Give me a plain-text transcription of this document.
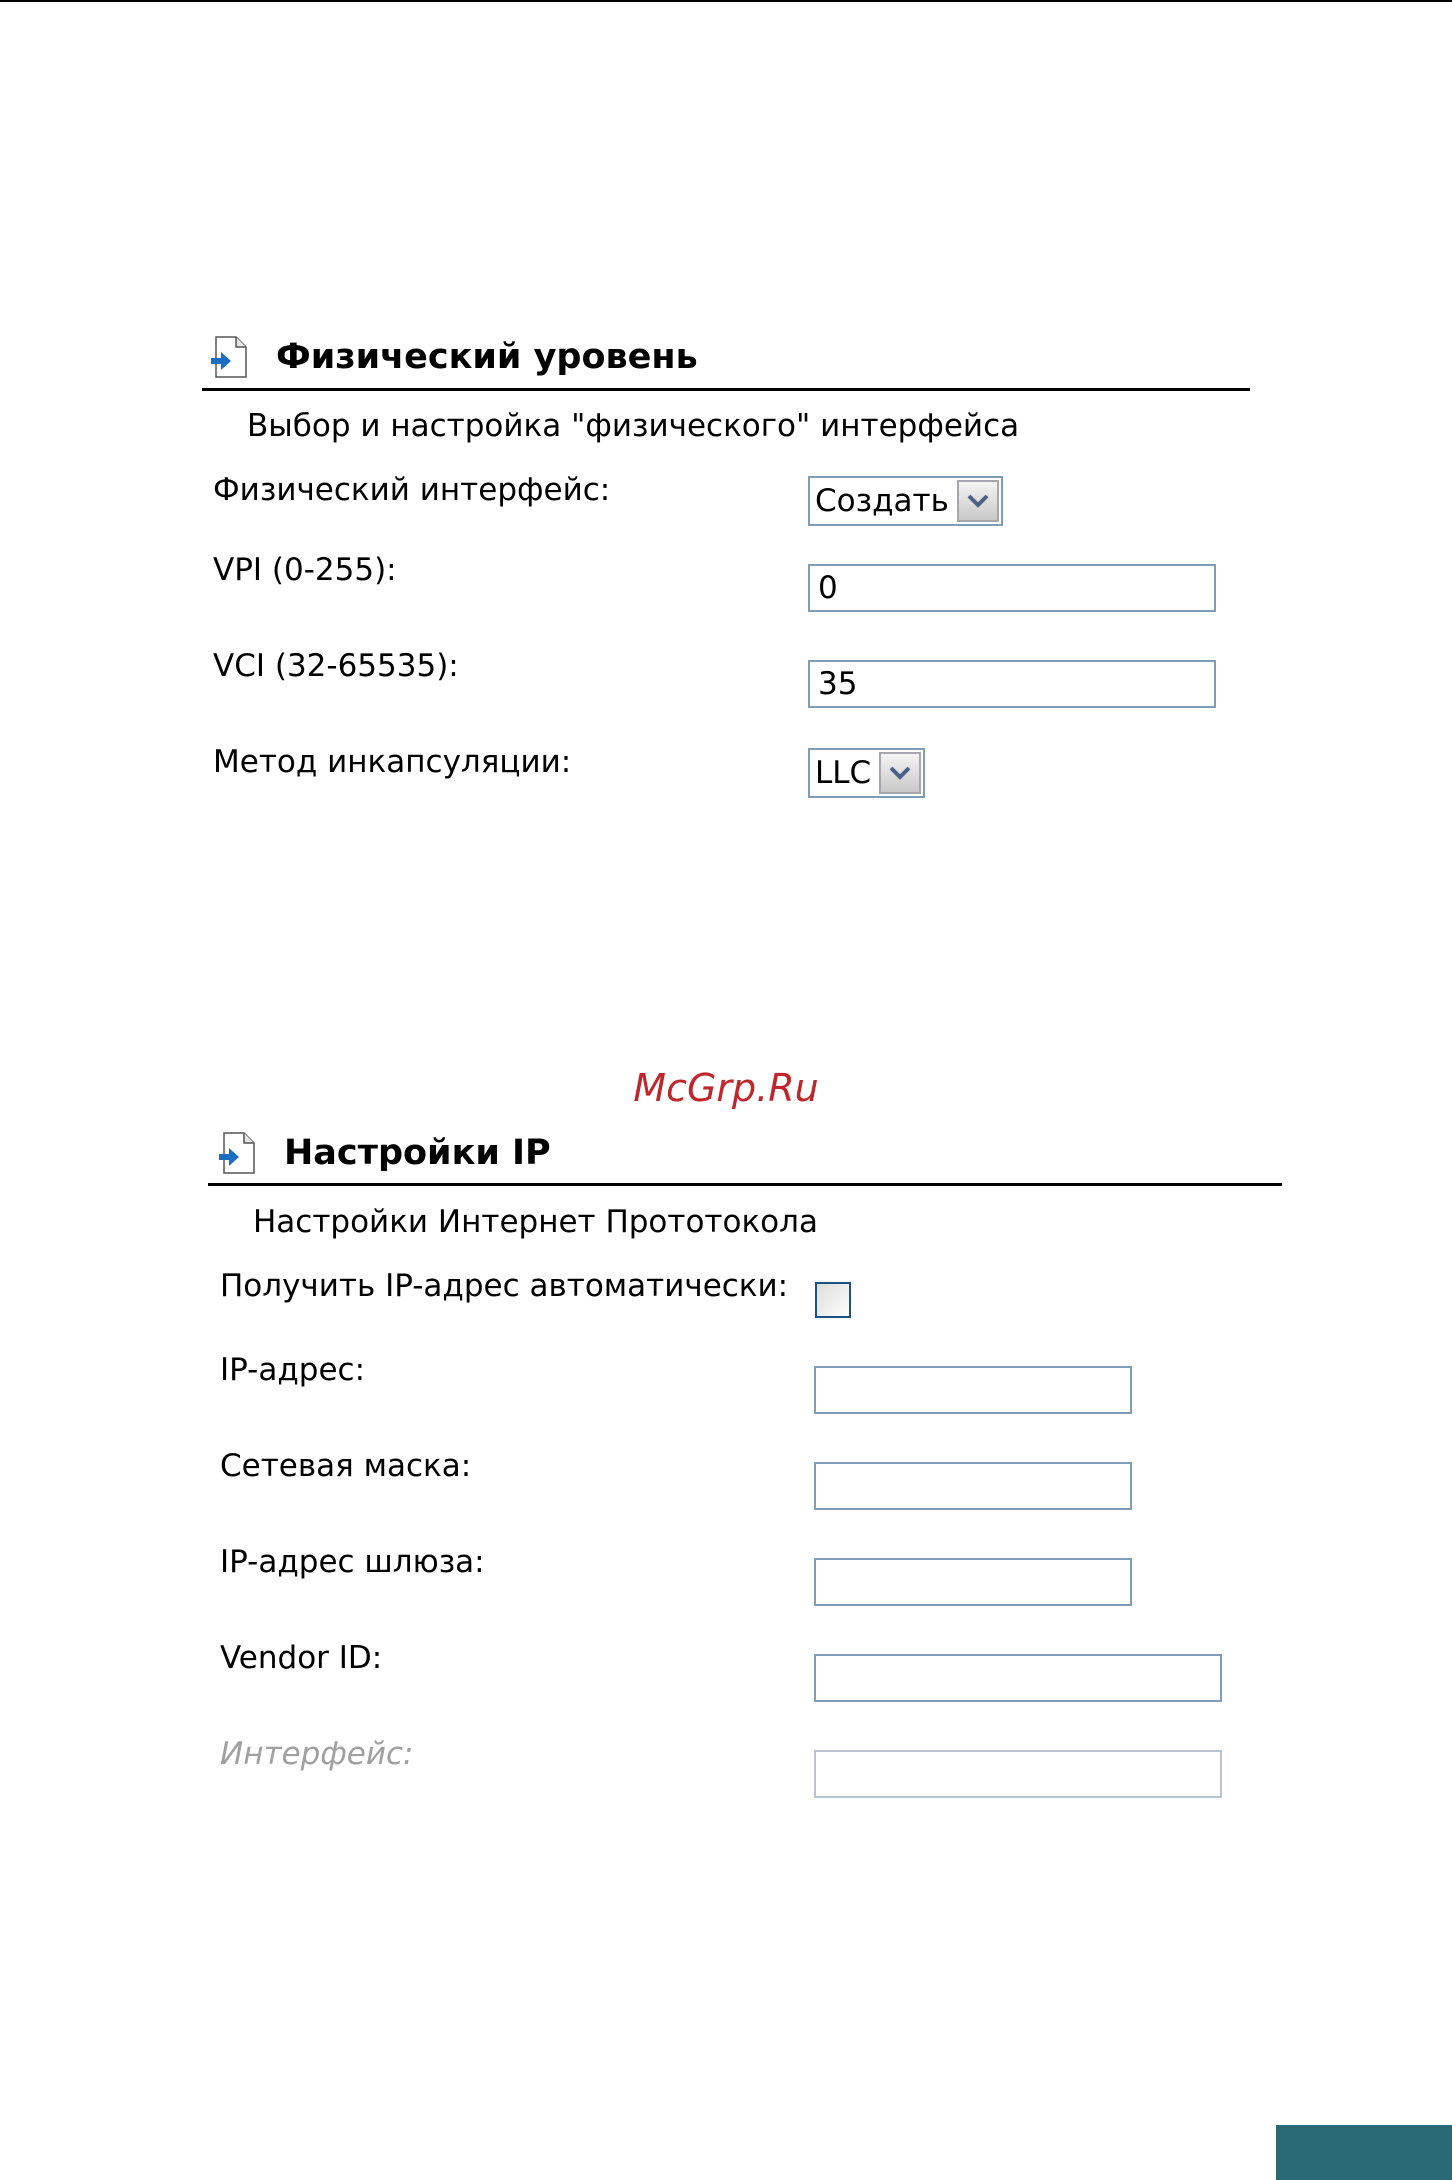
Физический уровень
Выбор и настройка "физического" интерфейса
Физический интерфейс:	Создать
VPI (0-255):	0
VCI (32-65535):	35
Метод инкапсуляции:	LLC
McGrp.Ru
Настройки IP
Настройки Интернет Прототокола
Получить IP-адрес автоматически:
IP-адрес:
Сетевая маска:
IP-адрес шлюза:
Vendor ID:
Интерфейс:
